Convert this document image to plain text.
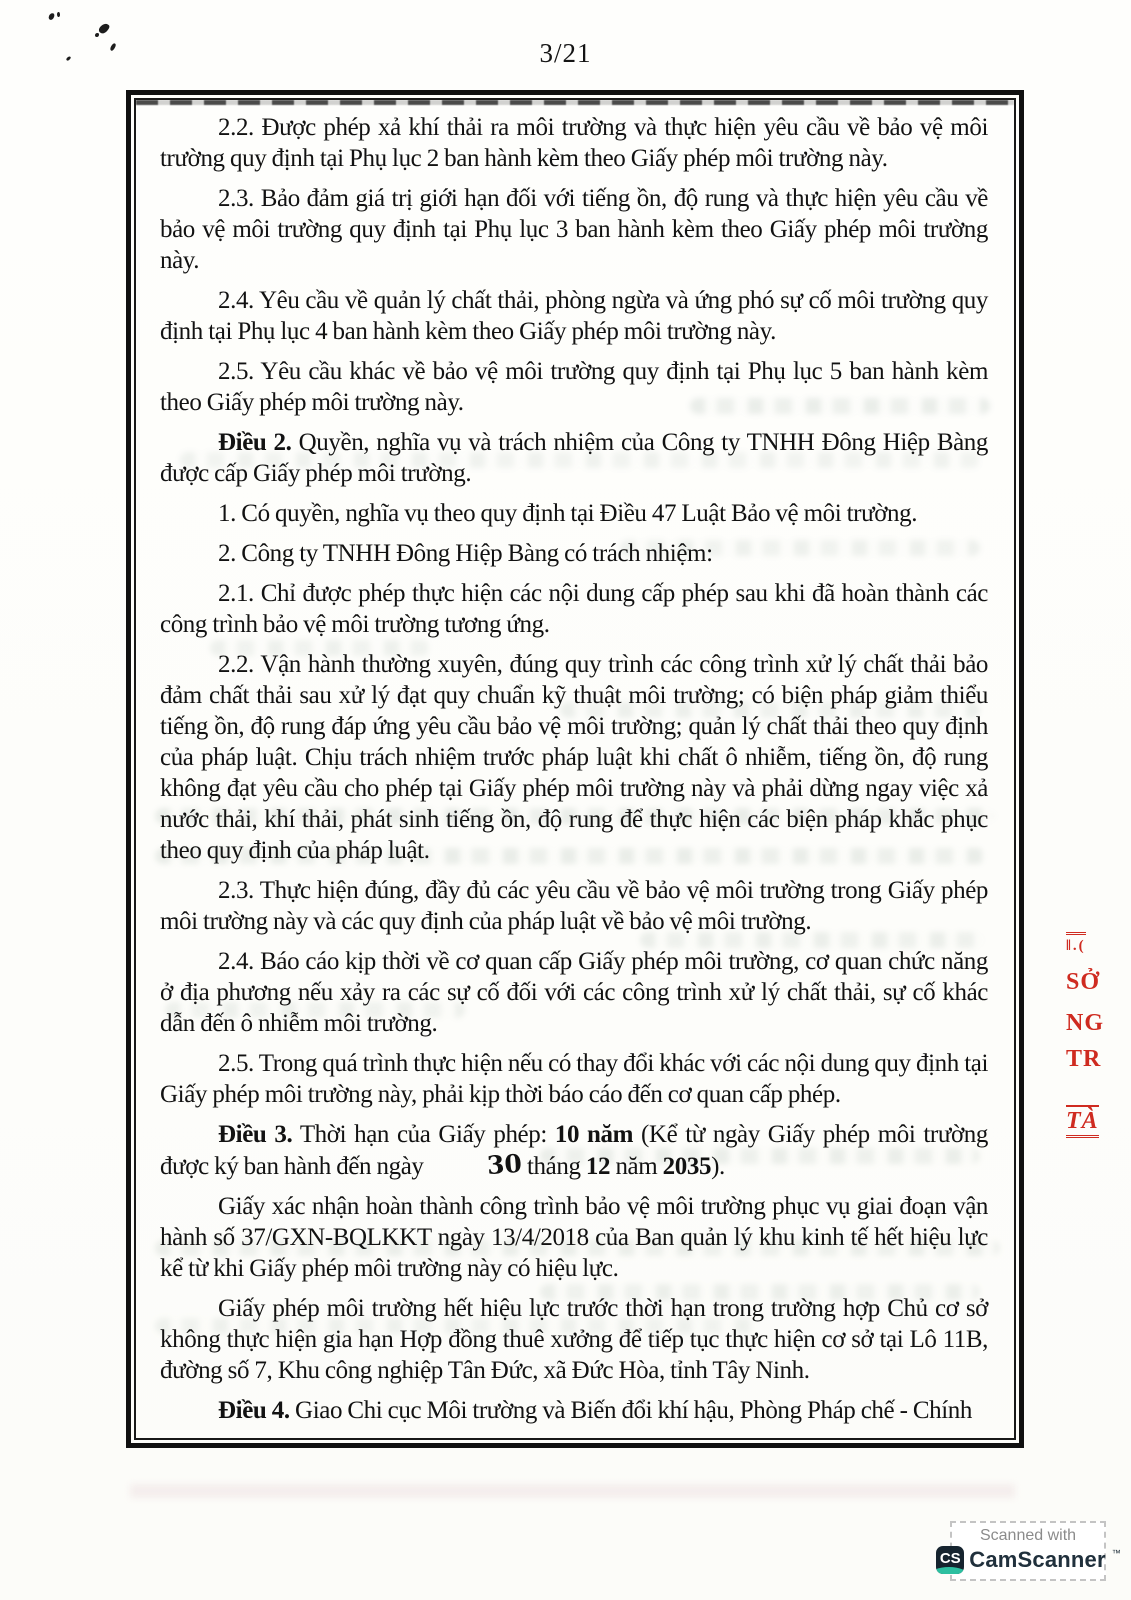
3/21

2.2. Được phép xả khí thải ra môi trường và thực hiện yêu cầu về bảo vệ môi trường quy định tại Phụ lục 2 ban hành kèm theo Giấy phép môi trường này.

2.3. Bảo đảm giá trị giới hạn đối với tiếng ồn, độ rung và thực hiện yêu cầu về bảo vệ môi trường quy định tại Phụ lục 3 ban hành kèm theo Giấy phép môi trường này.

2.4. Yêu cầu về quản lý chất thải, phòng ngừa và ứng phó sự cố môi trường quy định tại Phụ lục 4 ban hành kèm theo Giấy phép môi trường này.

2.5. Yêu cầu khác về bảo vệ môi trường quy định tại Phụ lục 5 ban hành kèm theo Giấy phép môi trường này.

Điều 2. Quyền, nghĩa vụ và trách nhiệm của Công ty TNHH Đông Hiệp Bàng được cấp Giấy phép môi trường.

1. Có quyền, nghĩa vụ theo quy định tại Điều 47 Luật Bảo vệ môi trường.

2. Công ty TNHH Đông Hiệp Bàng có trách nhiệm:

2.1. Chỉ được phép thực hiện các nội dung cấp phép sau khi đã hoàn thành các công trình bảo vệ môi trường tương ứng.

2.2. Vận hành thường xuyên, đúng quy trình các công trình xử lý chất thải bảo đảm chất thải sau xử lý đạt quy chuẩn kỹ thuật môi trường; có biện pháp giảm thiểu tiếng ồn, độ rung đáp ứng yêu cầu bảo vệ môi trường; quản lý chất thải theo quy định của pháp luật. Chịu trách nhiệm trước pháp luật khi chất ô nhiễm, tiếng ồn, độ rung không đạt yêu cầu cho phép tại Giấy phép môi trường này và phải dừng ngay việc xả nước thải, khí thải, phát sinh tiếng ồn, độ rung để thực hiện các biện pháp khắc phục theo quy định của pháp luật.

2.3. Thực hiện đúng, đầy đủ các yêu cầu về bảo vệ môi trường trong Giấy phép môi trường này và các quy định của pháp luật về bảo vệ môi trường.

2.4. Báo cáo kịp thời về cơ quan cấp Giấy phép môi trường, cơ quan chức năng ở địa phương nếu xảy ra các sự cố đối với các công trình xử lý chất thải, sự cố khác dẫn đến ô nhiễm môi trường.

2.5. Trong quá trình thực hiện nếu có thay đổi khác với các nội dung quy định tại Giấy phép môi trường này, phải kịp thời báo cáo đến cơ quan cấp phép.

Điều 3. Thời hạn của Giấy phép: 10 năm (Kể từ ngày Giấy phép môi trường được ký ban hành đến ngày 30 tháng 12 năm 2035).

Giấy xác nhận hoàn thành công trình bảo vệ môi trường phục vụ giai đoạn vận hành số 37/GXN-BQLKKT ngày 13/4/2018 của Ban quản lý khu kinh tế hết hiệu lực kể từ khi Giấy phép môi trường này có hiệu lực.

Giấy phép môi trường hết hiệu lực trước thời hạn trong trường hợp Chủ cơ sở không thực hiện gia hạn Hợp đồng thuê xưởng để tiếp tục thực hiện cơ sở tại Lô 11B, đường số 7, Khu công nghiệp Tân Đức, xã Đức Hòa, tỉnh Tây Ninh.

Điều 4. Giao Chi cục Môi trường và Biến đổi khí hậu, Phòng Pháp chế - Chính

‖.(
SỞ
NG
TR
TÀ
Scanned with
CS CamScanner ™
